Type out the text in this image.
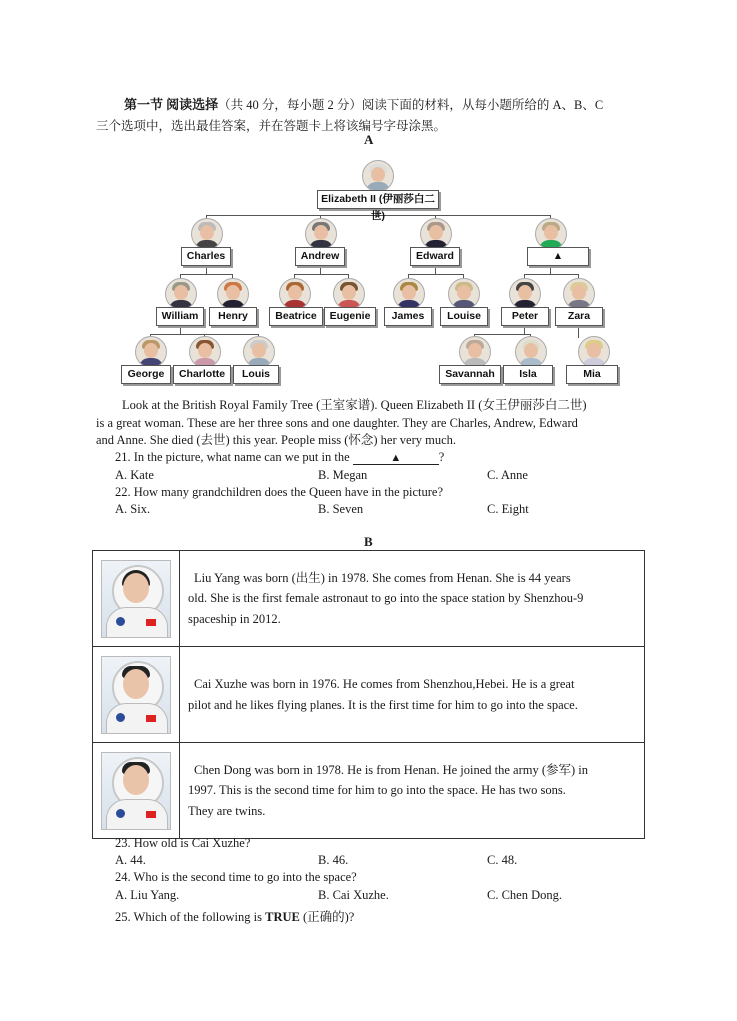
第一节 阅读选择（共 40 分，每小题 2 分）阅读下面的材料，从每小题所给的 A、B、C
三个选项中，选出最佳答案，并在答题卡上将该编号字母涂黑。
A
Elizabeth II (伊丽莎白二世)
Charles	Andrew	Edward	▲
William	Henry	Beatrice	Eugenie	James	Louise	Peter	Zara
George	Charlotte	Louis	Savannah	Isla	Mia
Look at the British Royal Family Tree (王室家谱). Queen Elizabeth II (女王伊丽莎白二世)
is a great woman. These are her three sons and one daughter. They are Charles, Andrew, Edward
and Anne. She died (去世) this year. People miss (怀念) her very much.
21. In the picture, what name can we put in the	▲	?
A. Kate	B. Megan	C. Anne
22. How many grandchildren does the Queen have in the picture?
A. Six.	B. Seven	C. Eight
B

	Liu Yang was born (出生) in 1978. She comes from Henan. She is 44 years
old. She is the first female astronaut to go into the space station by Shenzhou-9
spaceship in 2012.

	Cai Xuzhe was born in 1976. He comes from Shenzhou,Hebei. He is a great
pilot and he likes flying planes. It is the first time for him to go into the space.

	Chen Dong was born in 1978. He is from Henan. He joined the army (参军) in
1997. This is the second time for him to go into the space. He has two sons.
They are twins.
23. How old is Cai Xuzhe?
A. 44.	B. 46.	C. 48.
24. Who is the second time to go into the space?
A. Liu Yang.	B. Cai Xuzhe.	C. Chen Dong.
25. Which of the following is TRUE (正确的)?
